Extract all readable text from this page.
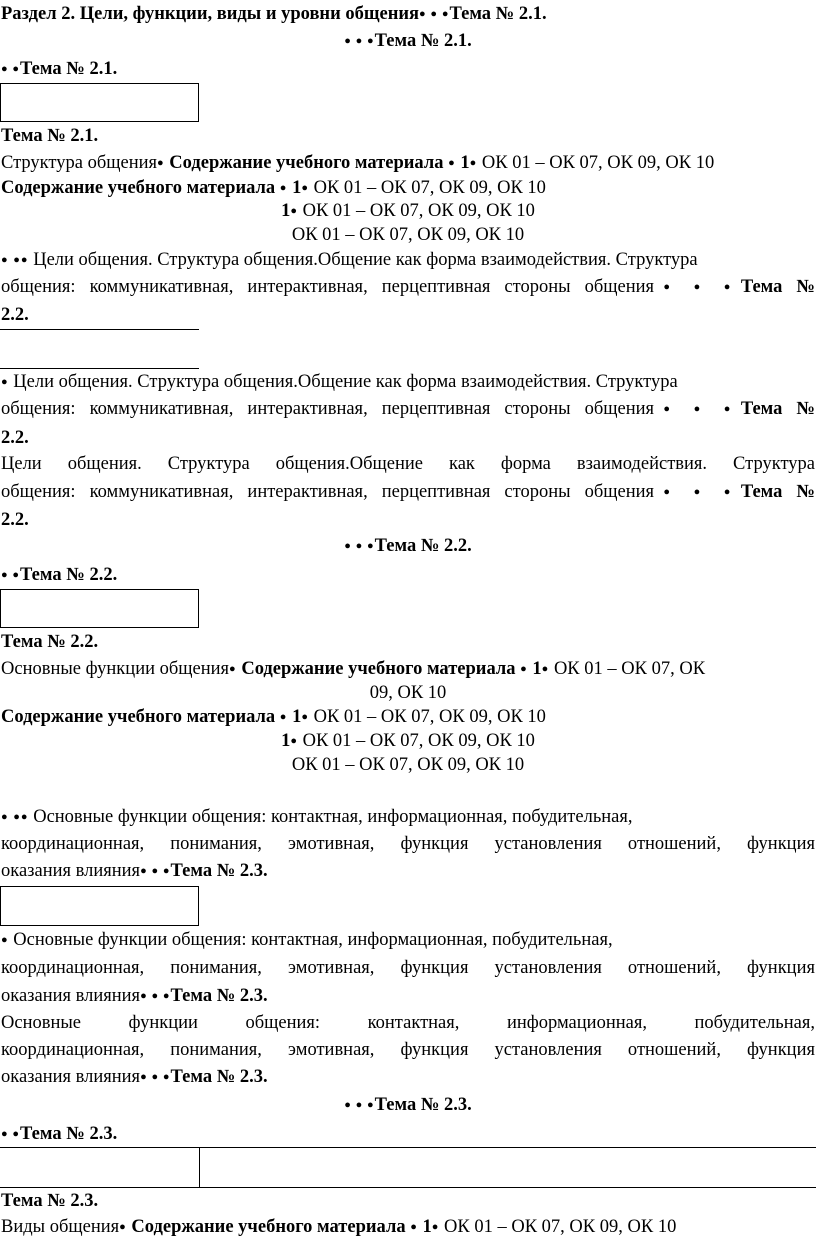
Раздел 2. Цели, функции, виды и уровни общения● ● ●Тема № 2.1.
● ● ●Тема № 2.1.
● ●Тема № 2.1.
Тема № 2.1.
Структура общения● Содержание учебного материала ● 1● ОК 01 – ОК 07, ОК 09, ОК 10
Содержание учебного материала ● 1● ОК 01 – ОК 07, ОК 09, ОК 10
1● ОК 01 – ОК 07, ОК 09, ОК 10
ОК 01 – ОК 07, ОК 09, ОК 10
● ●● Цели общения. Структура общения.Общение как форма взаимодействия. Структура
общения: коммуникативная, интерактивная, перцептивная стороны общения● ● ●Тема №
2.2.
● Цели общения. Структура общения.Общение как форма взаимодействия. Структура
общения: коммуникативная, интерактивная, перцептивная стороны общения● ● ●Тема №
2.2.
Цели общения. Структура общения.Общение как форма взаимодействия. Структура
общения: коммуникативная, интерактивная, перцептивная стороны общения● ● ●Тема №
2.2.
● ● ●Тема № 2.2.
● ●Тема № 2.2.
Тема № 2.2.
Основные функции общения● Содержание учебного материала ● 1● ОК 01 – ОК 07, ОК
09, ОК 10
Содержание учебного материала ● 1● ОК 01 – ОК 07, ОК 09, ОК 10
1● ОК 01 – ОК 07, ОК 09, ОК 10
ОК 01 – ОК 07, ОК 09, ОК 10
● ●● Основные функции общения: контактная, информационная, побудительная,
координационная, понимания, эмотивная, функция установления отношений, функция
оказания влияния● ● ●Тема № 2.3.
● Основные функции общения: контактная, информационная, побудительная,
координационная, понимания, эмотивная, функция установления отношений, функция
оказания влияния● ● ●Тема № 2.3.
Основные функции общения: контактная, информационная, побудительная,
координационная, понимания, эмотивная, функция установления отношений, функция
оказания влияния● ● ●Тема № 2.3.
● ● ●Тема № 2.3.
● ●Тема № 2.3.
Тема № 2.3.
Виды общения● Содержание учебного материала ● 1● ОК 01 – ОК 07, ОК 09, ОК 10
